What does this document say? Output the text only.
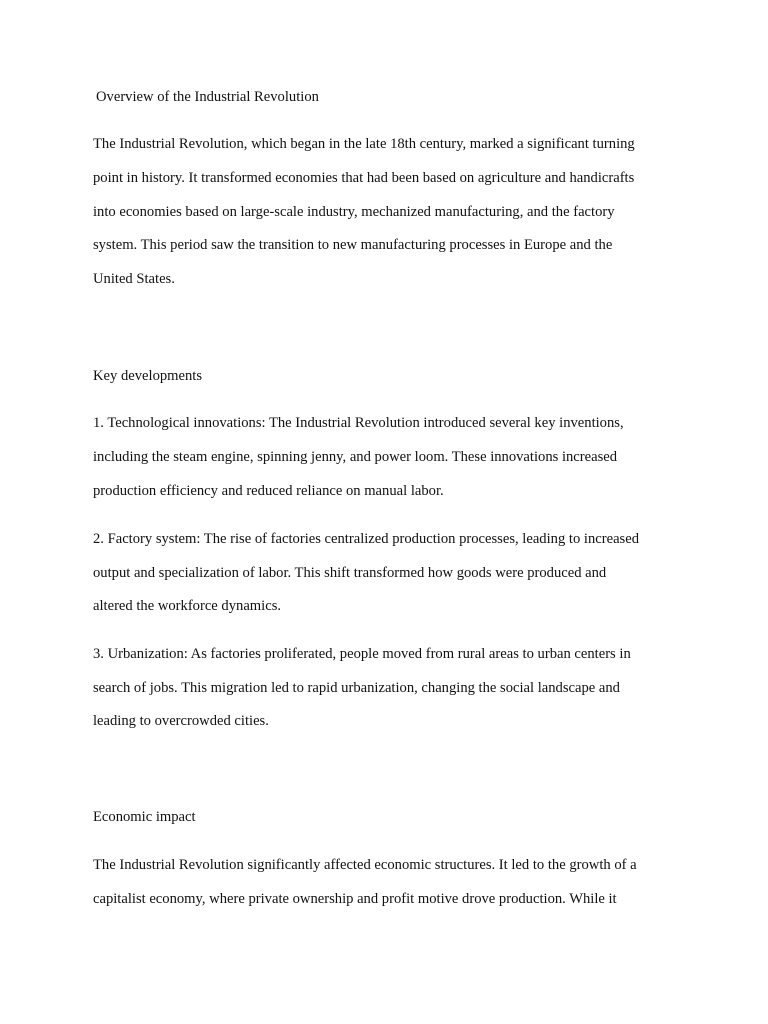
Overview of the Industrial Revolution
The Industrial Revolution, which began in the late 18th century, marked a significant turning
point in history. It transformed economies that had been based on agriculture and handicrafts
into economies based on large-scale industry, mechanized manufacturing, and the factory
system. This period saw the transition to new manufacturing processes in Europe and the
United States.
Key developments
1. Technological innovations: The Industrial Revolution introduced several key inventions,
including the steam engine, spinning jenny, and power loom. These innovations increased
production efficiency and reduced reliance on manual labor.
2. Factory system: The rise of factories centralized production processes, leading to increased
output and specialization of labor. This shift transformed how goods were produced and
altered the workforce dynamics.
3. Urbanization: As factories proliferated, people moved from rural areas to urban centers in
search of jobs. This migration led to rapid urbanization, changing the social landscape and
leading to overcrowded cities.
Economic impact
The Industrial Revolution significantly affected economic structures. It led to the growth of a
capitalist economy, where private ownership and profit motive drove production. While it
